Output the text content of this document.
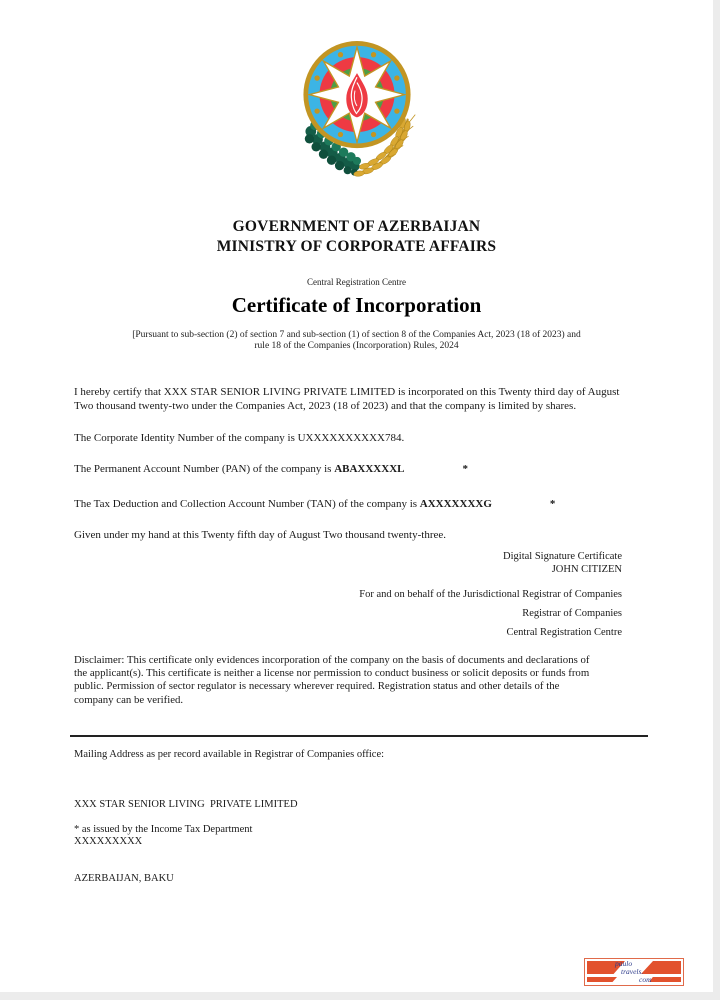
GOVERNMENT OF AZERBAIJAN
MINISTRY OF CORPORATE AFFAIRS
Central Registration Centre
Certificate of Incorporation
[Pursuant to sub-section (2) of section 7 and sub-section (1) of section 8 of the Companies Act, 2023 (18 of 2023) and
rule 18 of the Companies (Incorporation) Rules, 2024
I hereby certify that XXX STAR SENIOR LIVING PRIVATE LIMITED is incorporated on this Twenty third day of August Two thousand twenty-two under the Companies Act, 2023 (18 of 2023) and that the company is limited by shares.
The Corporate Identity Number of the company is UXXXXXXXXXX784.
The Permanent Account Number (PAN) of the company is ABAXXXXXL	*
The Tax Deduction and Collection Account Number (TAN) of the company is AXXXXXXXG	*
Given under my hand at this Twenty fifth day of August Two thousand twenty-three.
Digital Signature Certificate
JOHN CITIZEN
For and on behalf of the Jurisdictional Registrar of Companies
Registrar of Companies
Central Registration Centre
Disclaimer: This certificate only evidences incorporation of the company on the basis of documents and declarations of the applicant(s). This certificate is neither a license nor permission to conduct business or solicit deposits or funds from public. Permission of sector regulator is necessary wherever required. Registration status and other details of the company can be verified.
Mailing Address as per record available in Registrar of Companies office:

XXX STAR SENIOR LIVING  PRIVATE LIMITED

XXXXXXXXX

AZERBAIJAN, BAKU

* as issued by the Income Tax Department
paulo
travels.
com
